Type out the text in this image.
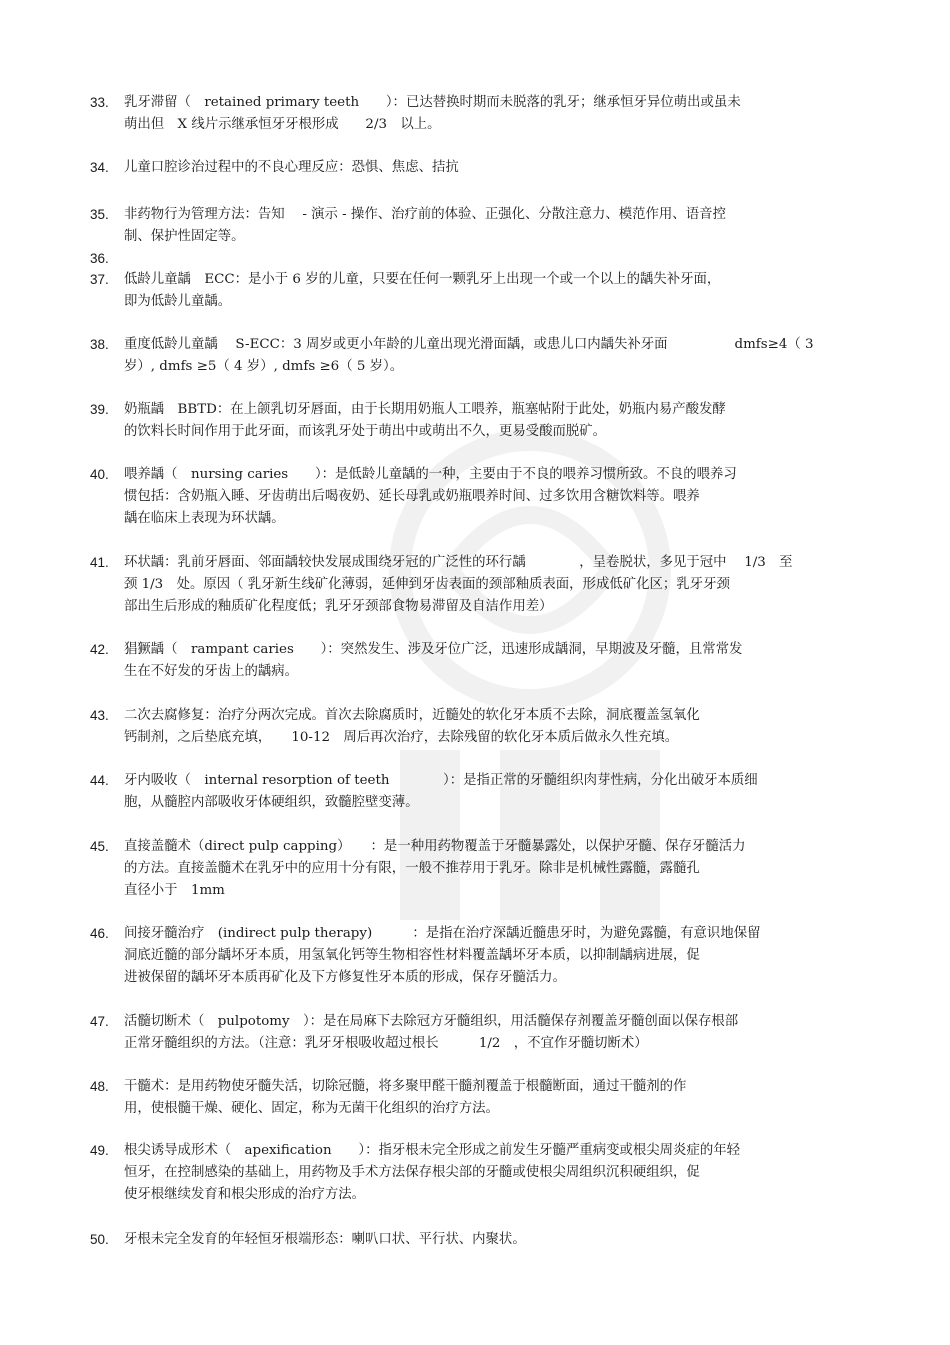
33.	乳牙滞留（　retained primary teeth　　）：已达替换时期而未脱落的乳牙；继承恒牙异位萌出或虽未
萌出但　X 线片示继承恒牙牙根形成　　2/3　以上。
34.	儿童口腔诊治过程中的不良心理反应：恐惧、焦虑、拮抗
35.	非药物行为管理方法：告知　 - 演示 - 操作、治疗前的体验、正强化、分散注意力、模范作用、语音控
制、保护性固定等。
36.
37.	低龄儿童龋　ECC：是小于 6 岁的儿童，只要在任何一颗乳牙上出现一个或一个以上的龋失补牙面，
即为低龄儿童龋。
38.	重度低龄儿童龋　 S-ECC：3 周岁或更小年龄的儿童出现光滑面龋，或患儿口内龋失补牙面　　　　　dmfs≥4（ 3
岁）, dmfs ≥5（ 4 岁）, dmfs ≥6（ 5 岁）。
39.	奶瓶龋　BBTD：在上颌乳切牙唇面，由于长期用奶瓶人工喂养，瓶塞帖附于此处，奶瓶内易产酸发酵
的饮料长时间作用于此牙面，而该乳牙处于萌出中或萌出不久，更易受酸而脱矿。
40.	喂养龋（　nursing caries　　）：是低龄儿童龋的一种，主要由于不良的喂养习惯所致。不良的喂养习
惯包括：含奶瓶入睡、牙齿萌出后喝夜奶、延长母乳或奶瓶喂养时间、过多饮用含糖饮料等。喂养
龋在临床上表现为环状龋。
41.	环状龋：乳前牙唇面、邻面龋较快发展成围绕牙冠的广泛性的环行龋　　　　，呈卷脱状，多见于冠中　 1/3　至
颈 1/3　处。原因（ 乳牙新生线矿化薄弱，延伸到牙齿表面的颈部釉质表面，形成低矿化区；乳牙牙颈
部出生后形成的釉质矿化程度低；乳牙牙颈部食物易滞留及自洁作用差）
42.	猖獗龋（　rampant caries　　）：突然发生、涉及牙位广泛，迅速形成龋洞，早期波及牙髓，且常常发
生在不好发的牙齿上的龋病。
43.	二次去腐修复：治疗分两次完成。首次去除腐质时，近髓处的软化牙本质不去除，洞底覆盖氢氧化
钙制剂，之后垫底充填，　　10-12　周后再次治疗，去除残留的软化牙本质后做永久性充填。
44.	牙内吸收（　internal resorption of teeth　　　　）：是指正常的牙髓组织肉芽性病，分化出破牙本质细
胞，从髓腔内部吸收牙体硬组织，致髓腔壁变薄。
45.	直接盖髓术（direct pulp capping）　　：是一种用药物覆盖于牙髓暴露处，以保护牙髓、保存牙髓活力
的方法。直接盖髓术在乳牙中的应用十分有限，一般不推荐用于乳牙。除非是机械性露髓，露髓孔
直径小于　1mm
46.	间接牙髓治疗　(indirect pulp therapy)　　　：是指在治疗深龋近髓患牙时，为避免露髓，有意识地保留
洞底近髓的部分龋坏牙本质，用氢氧化钙等生物相容性材料覆盖龋坏牙本质，以抑制龋病进展，促
进被保留的龋坏牙本质再矿化及下方修复性牙本质的形成，保存牙髓活力。
47.	活髓切断术（　pulpotomy　）：是在局麻下去除冠方牙髓组织，用活髓保存剂覆盖牙髓创面以保存根部
正常牙髓组织的方法。（注意：乳牙牙根吸收超过根长　　　1/2　，不宜作牙髓切断术）
48.	干髓术：是用药物使牙髓失活，切除冠髓，将多聚甲醛干髓剂覆盖于根髓断面，通过干髓剂的作
用，使根髓干燥、硬化、固定，称为无菌干化组织的治疗方法。
49.	根尖诱导成形术（　apexification　　）：指牙根未完全形成之前发生牙髓严重病变或根尖周炎症的年轻
恒牙，在控制感染的基础上，用药物及手术方法保存根尖部的牙髓或使根尖周组织沉积硬组织，促
使牙根继续发育和根尖形成的治疗方法。
50.	牙根未完全发育的年轻恒牙根端形态：喇叭口状、平行状、内聚状。
